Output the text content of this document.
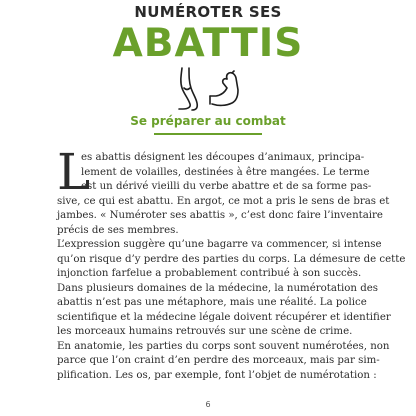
NUMÉROTER SES
ABATTIS
Se préparer au combat
L
es abattis désignent les découpes d’animaux, principa-
lement de volailles, destinées à être mangées. Le terme
est un dérivé vieilli du verbe abattre et de sa forme pas-
sive, ce qui est abattu. En argot, ce mot a pris le sens de bras et
jambes. « Numéroter ses abattis », c’est donc faire l’inventaire
précis de ses membres.
L’expression suggère qu’une bagarre va commencer, si intense
qu’on risque d’y perdre des parties du corps. La démesure de cette
injonction farfelue a probablement contribué à son succès.
Dans plusieurs domaines de la médecine, la numérotation des
abattis n’est pas une métaphore, mais une réalité. La police
scientifique et la médecine légale doivent récupérer et identifier
les morceaux humains retrouvés sur une scène de crime.
En anatomie, les parties du corps sont souvent numérotées, non
parce que l’on craint d’en perdre des morceaux, mais par sim-
plification. Les os, par exemple, font l’objet de numérotation :
6
